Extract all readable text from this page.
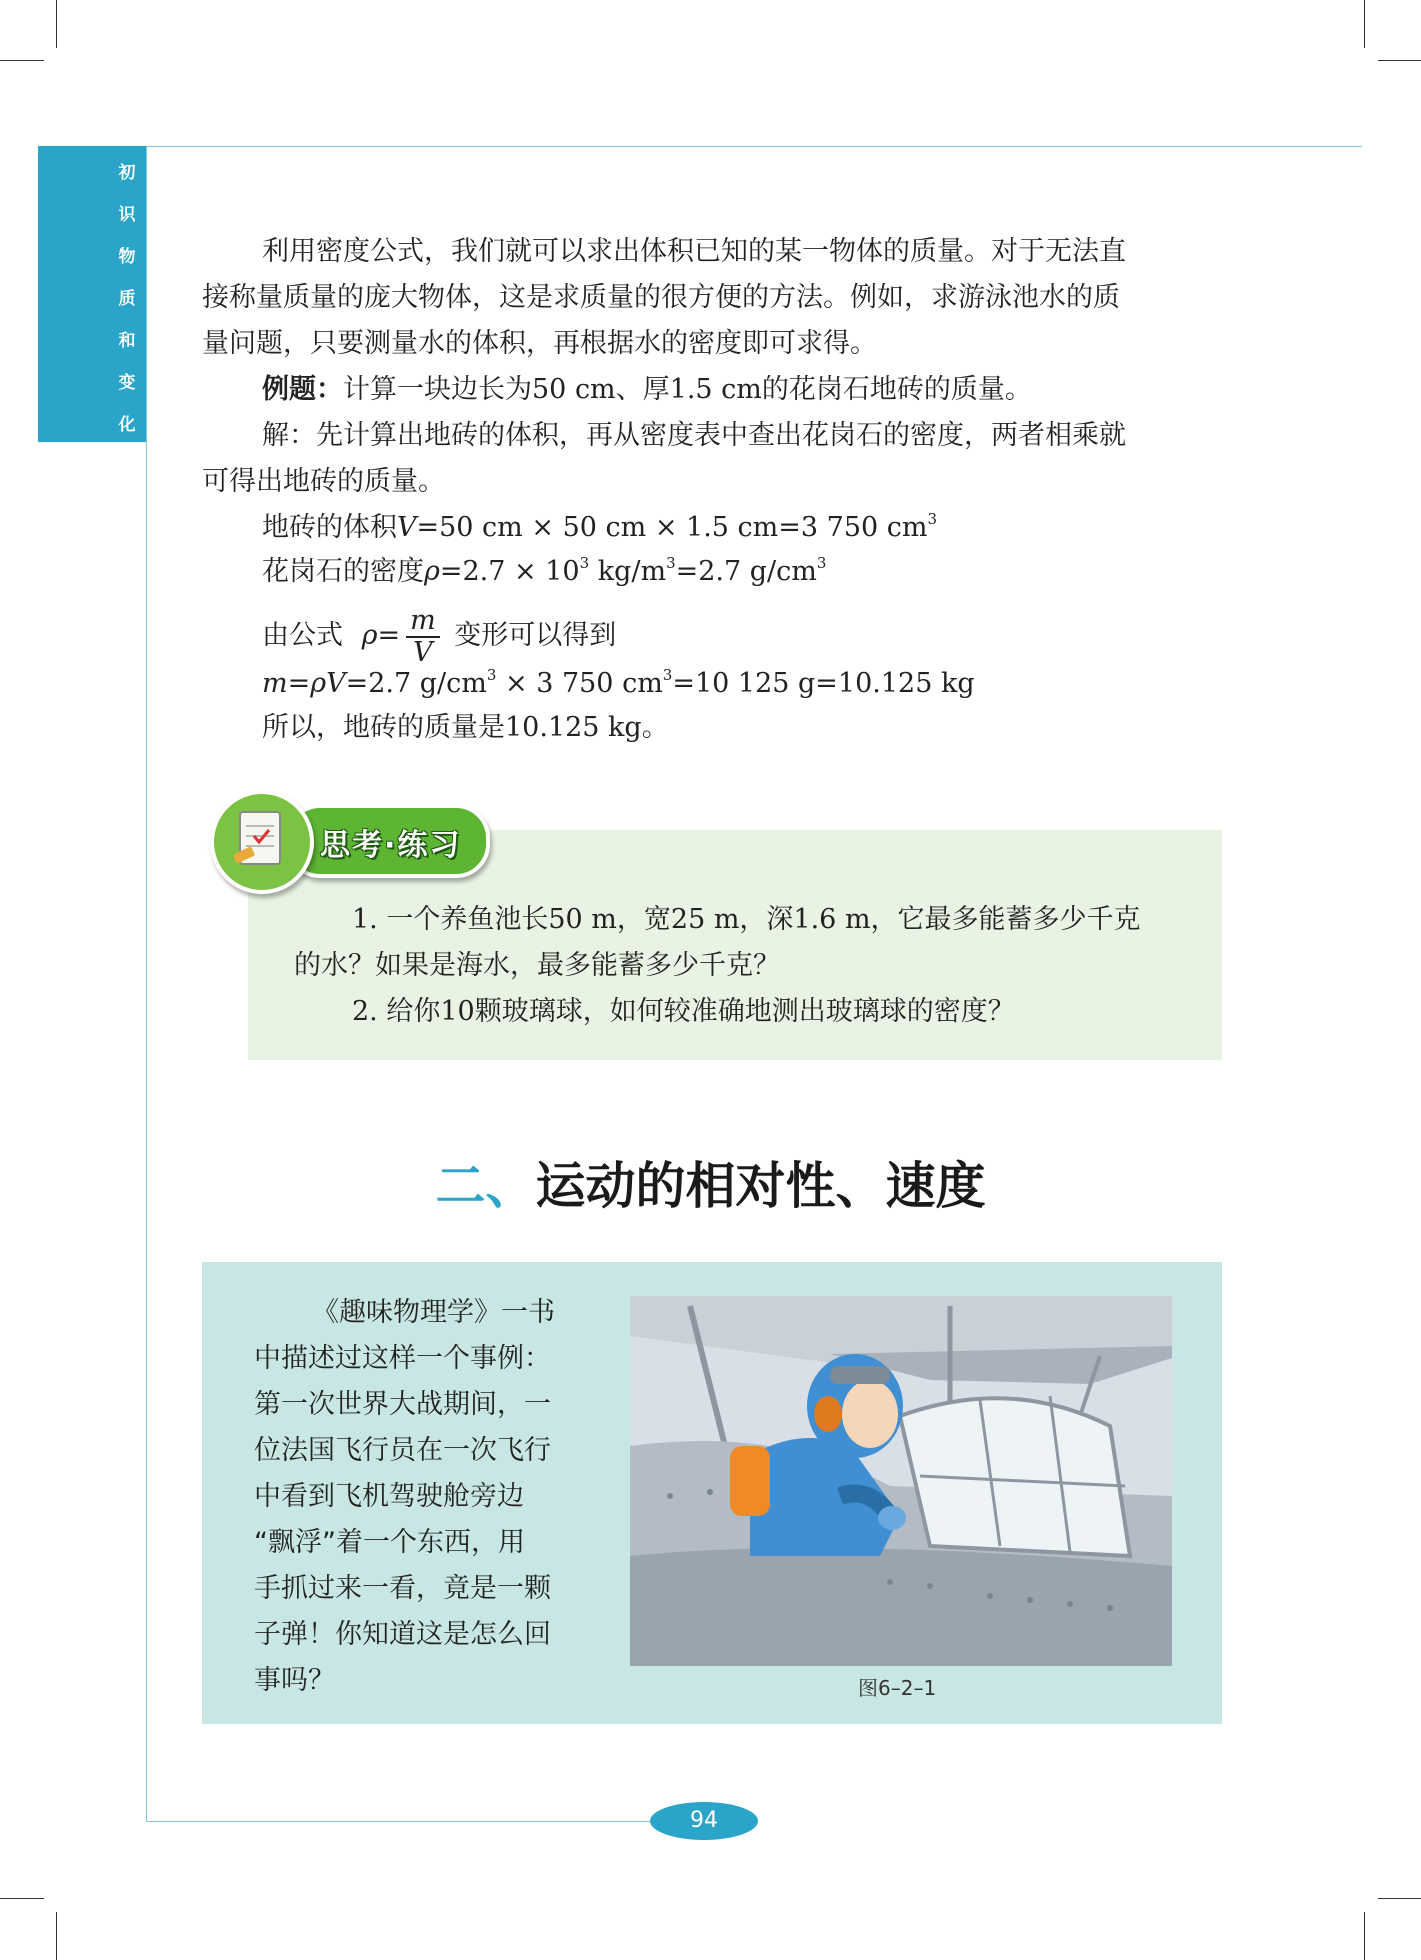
初
识
物
质
和
变
化

利用密度公式，我们就可以求出体积已知的某一物体的质量。对于无法直

接称量质量的庞大物体，这是求质量的很方便的方法。例如，求游泳池水的质

量问题，只要测量水的体积，再根据水的密度即可求得。

例题：计算一块边长为50 cm、厚1.5 cm的花岗石地砖的质量。

解：先计算出地砖的体积，再从密度表中查出花岗石的密度，两者相乘就

可得出地砖的质量。

地砖的体积V=50 cm × 50 cm × 1.5 cm=3 750 $cm^3$

花岗石的密度$\rho=2.7 \times 10^3$ $kg/m^3=2.7$ $g/cm^3$

由公式 $\rho= \frac{m}{V}$ 变形可以得到

m=ρV=2.7 $g/cm^3 \times 3$ 750 $cm^3=10$ 125 g=10.125 kg

所以，地砖的质量是10.125 kg。

1. 一个养鱼池长50 m，宽25 m，深1.6 m，它最多能蓄多少千克

的水？如果是海水，最多能蓄多少千克？

2. 给你10颗玻璃球，如何较准确地测出玻璃球的密度？

思考·练习
二、运动的相对性、速度

《趣味物理学》一书

中描述过这样一个事例：

第一次世界大战期间，一

位法国飞行员在一次飞行

中看到飞机驾驶舱旁边

“飘浮”着一个东西，用

手抓过来一看，竟是一颗

子弹！你知道这是怎么回

事吗？	图6–2–1
94
